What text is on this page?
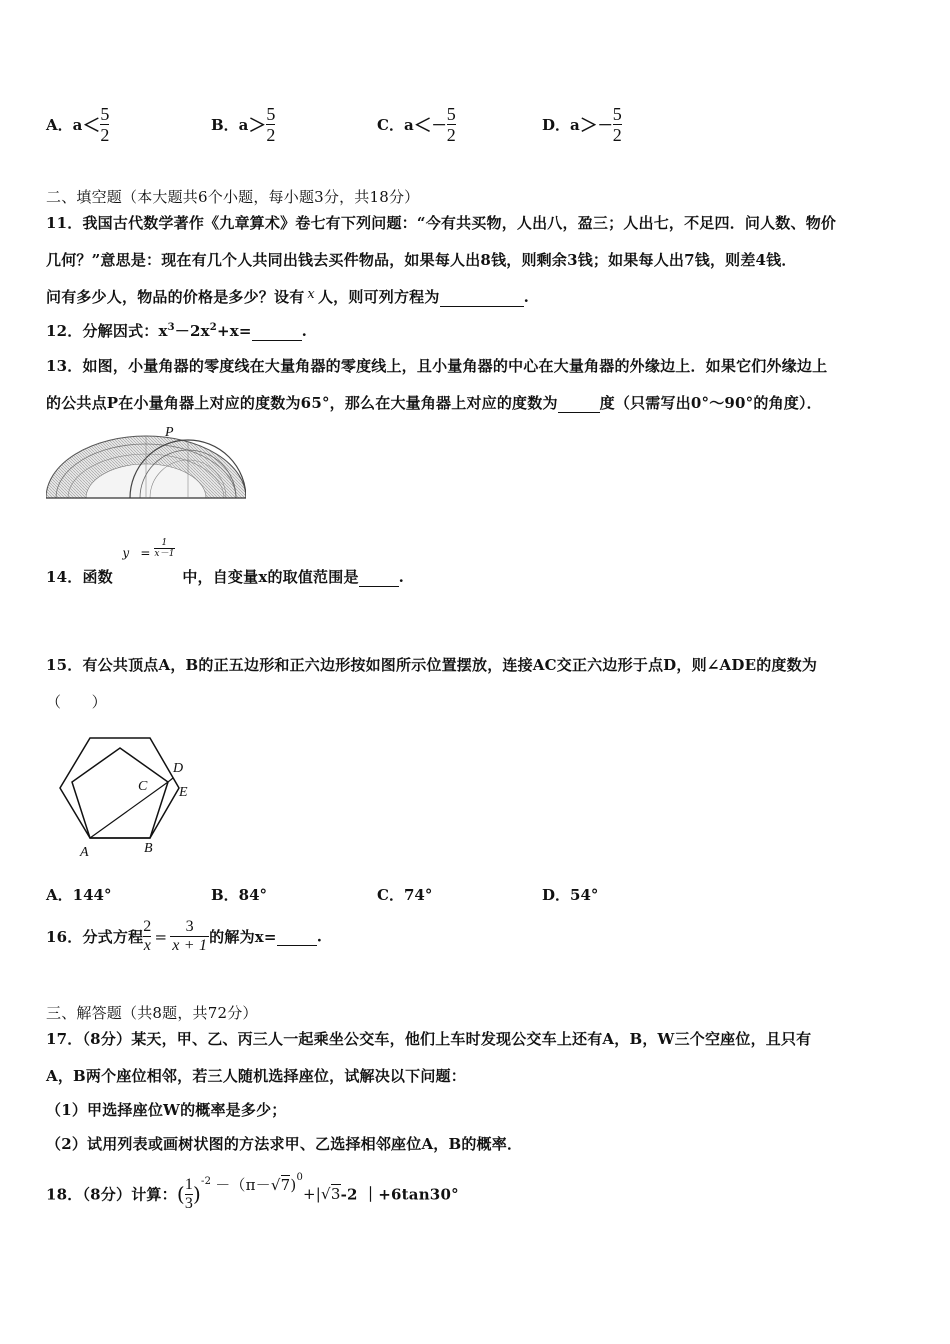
A．$a< \frac{5}{2}$	B．$a> \frac{5}{2}$	C．$a<- \frac{5}{2}$	D．$a>- \frac{5}{2}$
二、填空题（本大题共6个小题，每小题3分，共18分）
11．我国古代数学著作《九章算术》卷七有下列问题：“今有共买物，人出八，盈三；人出七，不足四．问人数、物价
几何？”意思是：现在有几个人共同出钱去买件物品，如果每人出8钱，则剩余3钱；如果每人出7钱，则差4钱．
问有多少人，物品的价格是多少？设有 x 人，则可列方程为	.
12．分解因式：$x^3-2x^2+x=$	.
13．如图，小量角器的零度线在大量角器的零度线上，且小量角器的中心在大量角器的外缘边上．如果它们外缘边上
的公共点P在小量角器上对应的度数为65°，那么在大量角器上对应的度数为	度（只需写出0°～90°的角度）．
P
14．函数
$y = \frac{1}{x-1}$
中，自变量x的取值范围是	.
15．有公共顶点A，B的正五边形和正六边形按如图所示位置摆放，连接AC交正六边形于点D，则∠ADE的度数为
（　　）
A	B
C
D
E
A．144°	B．84°	C．74°	D．54°
16．分式方程 $\frac{2}{x} = \frac{3}{x + 1}$ 的解为x=	.
三、解答题（共8题，共72分）
17．（8分）某天，甲、乙、丙三人一起乘坐公交车，他们上车时发现公交车上还有A，B，W三个空座位，且只有
A，B两个座位相邻，若三人随机选择座位，试解决以下问题：
（1）甲选择座位W的概率是多少；
（2）试用列表或画树状图的方法求甲、乙选择相邻座位A，B的概率．
18．（8分）计算：( $\frac{1}{3} )^{-2} -(\pi-√7)^0+|√3-2$ ｜+6tan30°
